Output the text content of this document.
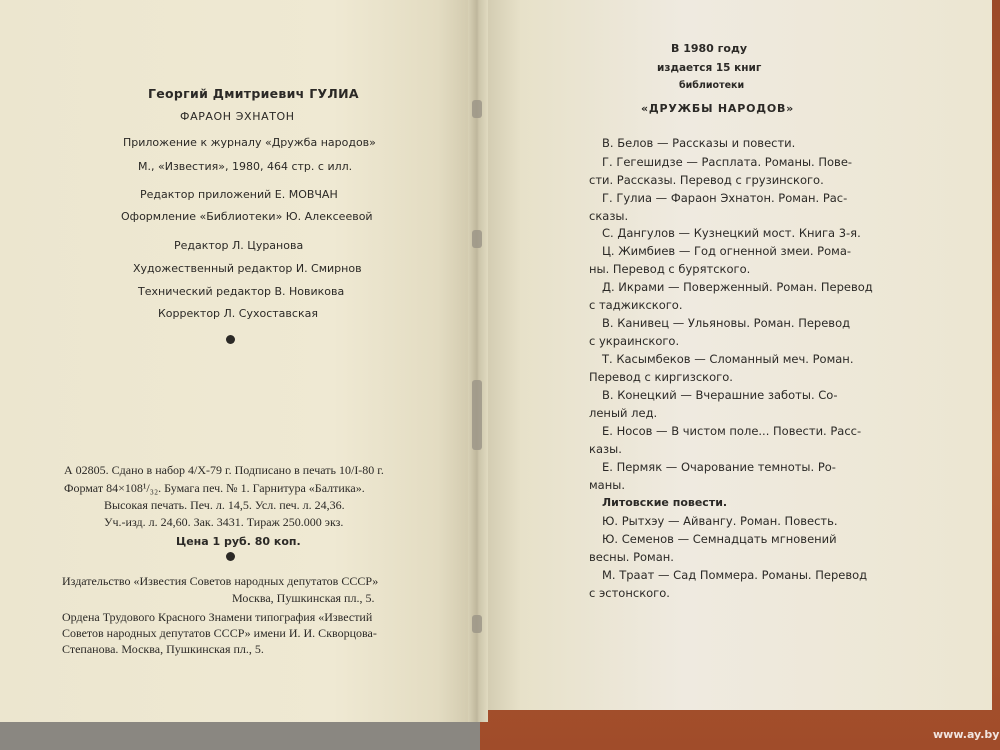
Георгий Дмитриевич ГУЛИА
ФАРАОН ЭХНАТОН
Приложение к журналу «Дружба народов»
М., «Известия», 1980, 464 стр. с илл.
Редактор приложений Е. МОВЧАН
Оформление «Библиотеки» Ю. Алексеевой
Редактор Л. Цуранова
Художественный редактор И. Смирнов
Технический редактор В. Новикова
Корректор Л. Сухоставская
А 02805. Сдано в набор 4/X-79 г. Подписано в печать 10/I-80 г.
Формат 84×108¹/₃₂. Бумага печ. № 1. Гарнитура «Балтика».
Высокая печать. Печ. л. 14,5. Усл. печ. л. 24,36.
Уч.-изд. л. 24,60. Зак. 3431. Тираж 250.000 экз.
Цена 1 руб. 80 коп.
Издательство «Известия Советов народных депутатов СССР»
Москва, Пушкинская пл., 5.
Ордена Трудового Красного Знамени типография «Известий
Советов народных депутатов СССР» имени И. И. Скворцова-
Степанова. Москва, Пушкинская пл., 5.
В 1980 году
издается 15 книг
библиотеки
«ДРУЖБЫ НАРОДОВ»
В. Белов — Рассказы и повести.
Г. Гегешидзе — Расплата. Романы. Пове-
сти. Рассказы. Перевод с грузинского.
Г. Гулиа — Фараон Эхнатон. Роман. Рас-
сказы.
С. Дангулов — Кузнецкий мост. Книга 3-я.
Ц. Жимбиев — Год огненной змеи. Рома-
ны. Перевод с бурятского.
Д. Икрами — Поверженный. Роман. Перевод
с таджикского.
В. Канивец — Ульяновы. Роман. Перевод
с украинского.
Т. Касымбеков — Сломанный меч. Роман.
Перевод с киргизского.
В. Конецкий — Вчерашние заботы. Со-
леный лед.
Е. Носов — В чистом поле... Повести. Расс-
казы.
Е. Пермяк — Очарование темноты. Ро-
маны.
Литовские повести.
Ю. Рытхэу — Айвангу. Роман. Повесть.
Ю. Семенов — Семнадцать мгновений
весны. Роман.
М. Траат — Сад Поммера. Романы. Перевод
с эстонского.
www.ay.by
